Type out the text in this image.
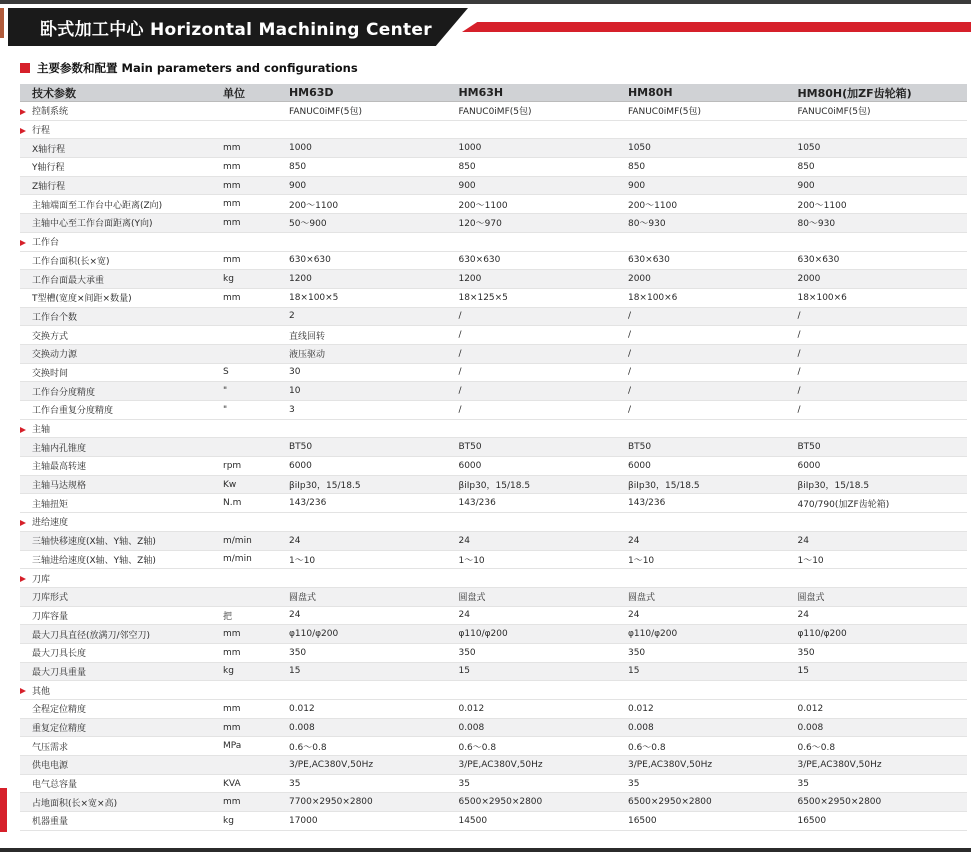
卧式加工中心 Horizontal Machining Center
主要参数和配置 Main parameters and configurations
技术参数	单位	HM63D	HM63H	HM80H	HM80H(加ZF齿轮箱)
控制系统		FANUC0iMF(5包)	FANUC0iMF(5包)	FANUC0iMF(5包)	FANUC0iMF(5包)
行程					
X轴行程	mm	1000	1000	1050	1050
Y轴行程	mm	850	850	850	850
Z轴行程	mm	900	900	900	900
主轴端面至工作台中心距离(Z向)	mm	200～1100	200～1100	200～1100	200～1100
主轴中心至工作台面距离(Y向)	mm	50～900	120～970	80～930	80～930
工作台					
工作台面积(长×宽)	mm	630×630	630×630	630×630	630×630
工作台面最大承重	kg	1200	1200	2000	2000
T型槽(宽度×间距×数量)	mm	18×100×5	18×125×5	18×100×6	18×100×6
工作台个数		2	/	/	/
交换方式		直线回转	/	/	/
交换动力源		液压驱动	/	/	/
交换时间	S	30	/	/	/
工作台分度精度	"	10	/	/	/
工作台重复分度精度	"	3	/	/	/
主轴					
主轴内孔锥度		BT50	BT50	BT50	BT50
主轴最高转速	rpm	6000	6000	6000	6000
主轴马达规格	Kw	βiIp30，15/18.5	βiIp30，15/18.5	βiIp30，15/18.5	βiIp30，15/18.5
主轴扭矩	N.m	143/236	143/236	143/236	470/790(加ZF齿轮箱)
进给速度					
三轴快移速度(X轴、Y轴、Z轴)	m/min	24	24	24	24
三轴进给速度(X轴、Y轴、Z轴)	m/min	1～10	1～10	1～10	1～10
刀库					
刀库形式		圆盘式	圆盘式	圆盘式	圆盘式
刀库容量	把	24	24	24	24
最大刀具直径(放满刀/邻空刀)	mm	φ110/φ200	φ110/φ200	φ110/φ200	φ110/φ200
最大刀具长度	mm	350	350	350	350
最大刀具重量	kg	15	15	15	15
其他					
全程定位精度	mm	0.012	0.012	0.012	0.012
重复定位精度	mm	0.008	0.008	0.008	0.008
气压需求	MPa	0.6～0.8	0.6～0.8	0.6～0.8	0.6～0.8
供电电源		3/PE,AC380V,50Hz	3/PE,AC380V,50Hz	3/PE,AC380V,50Hz	3/PE,AC380V,50Hz
电气总容量	KVA	35	35	35	35
占地面积(长×宽×高)	mm	7700×2950×2800	6500×2950×2800	6500×2950×2800	6500×2950×2800
机器重量	kg	17000	14500	16500	16500
